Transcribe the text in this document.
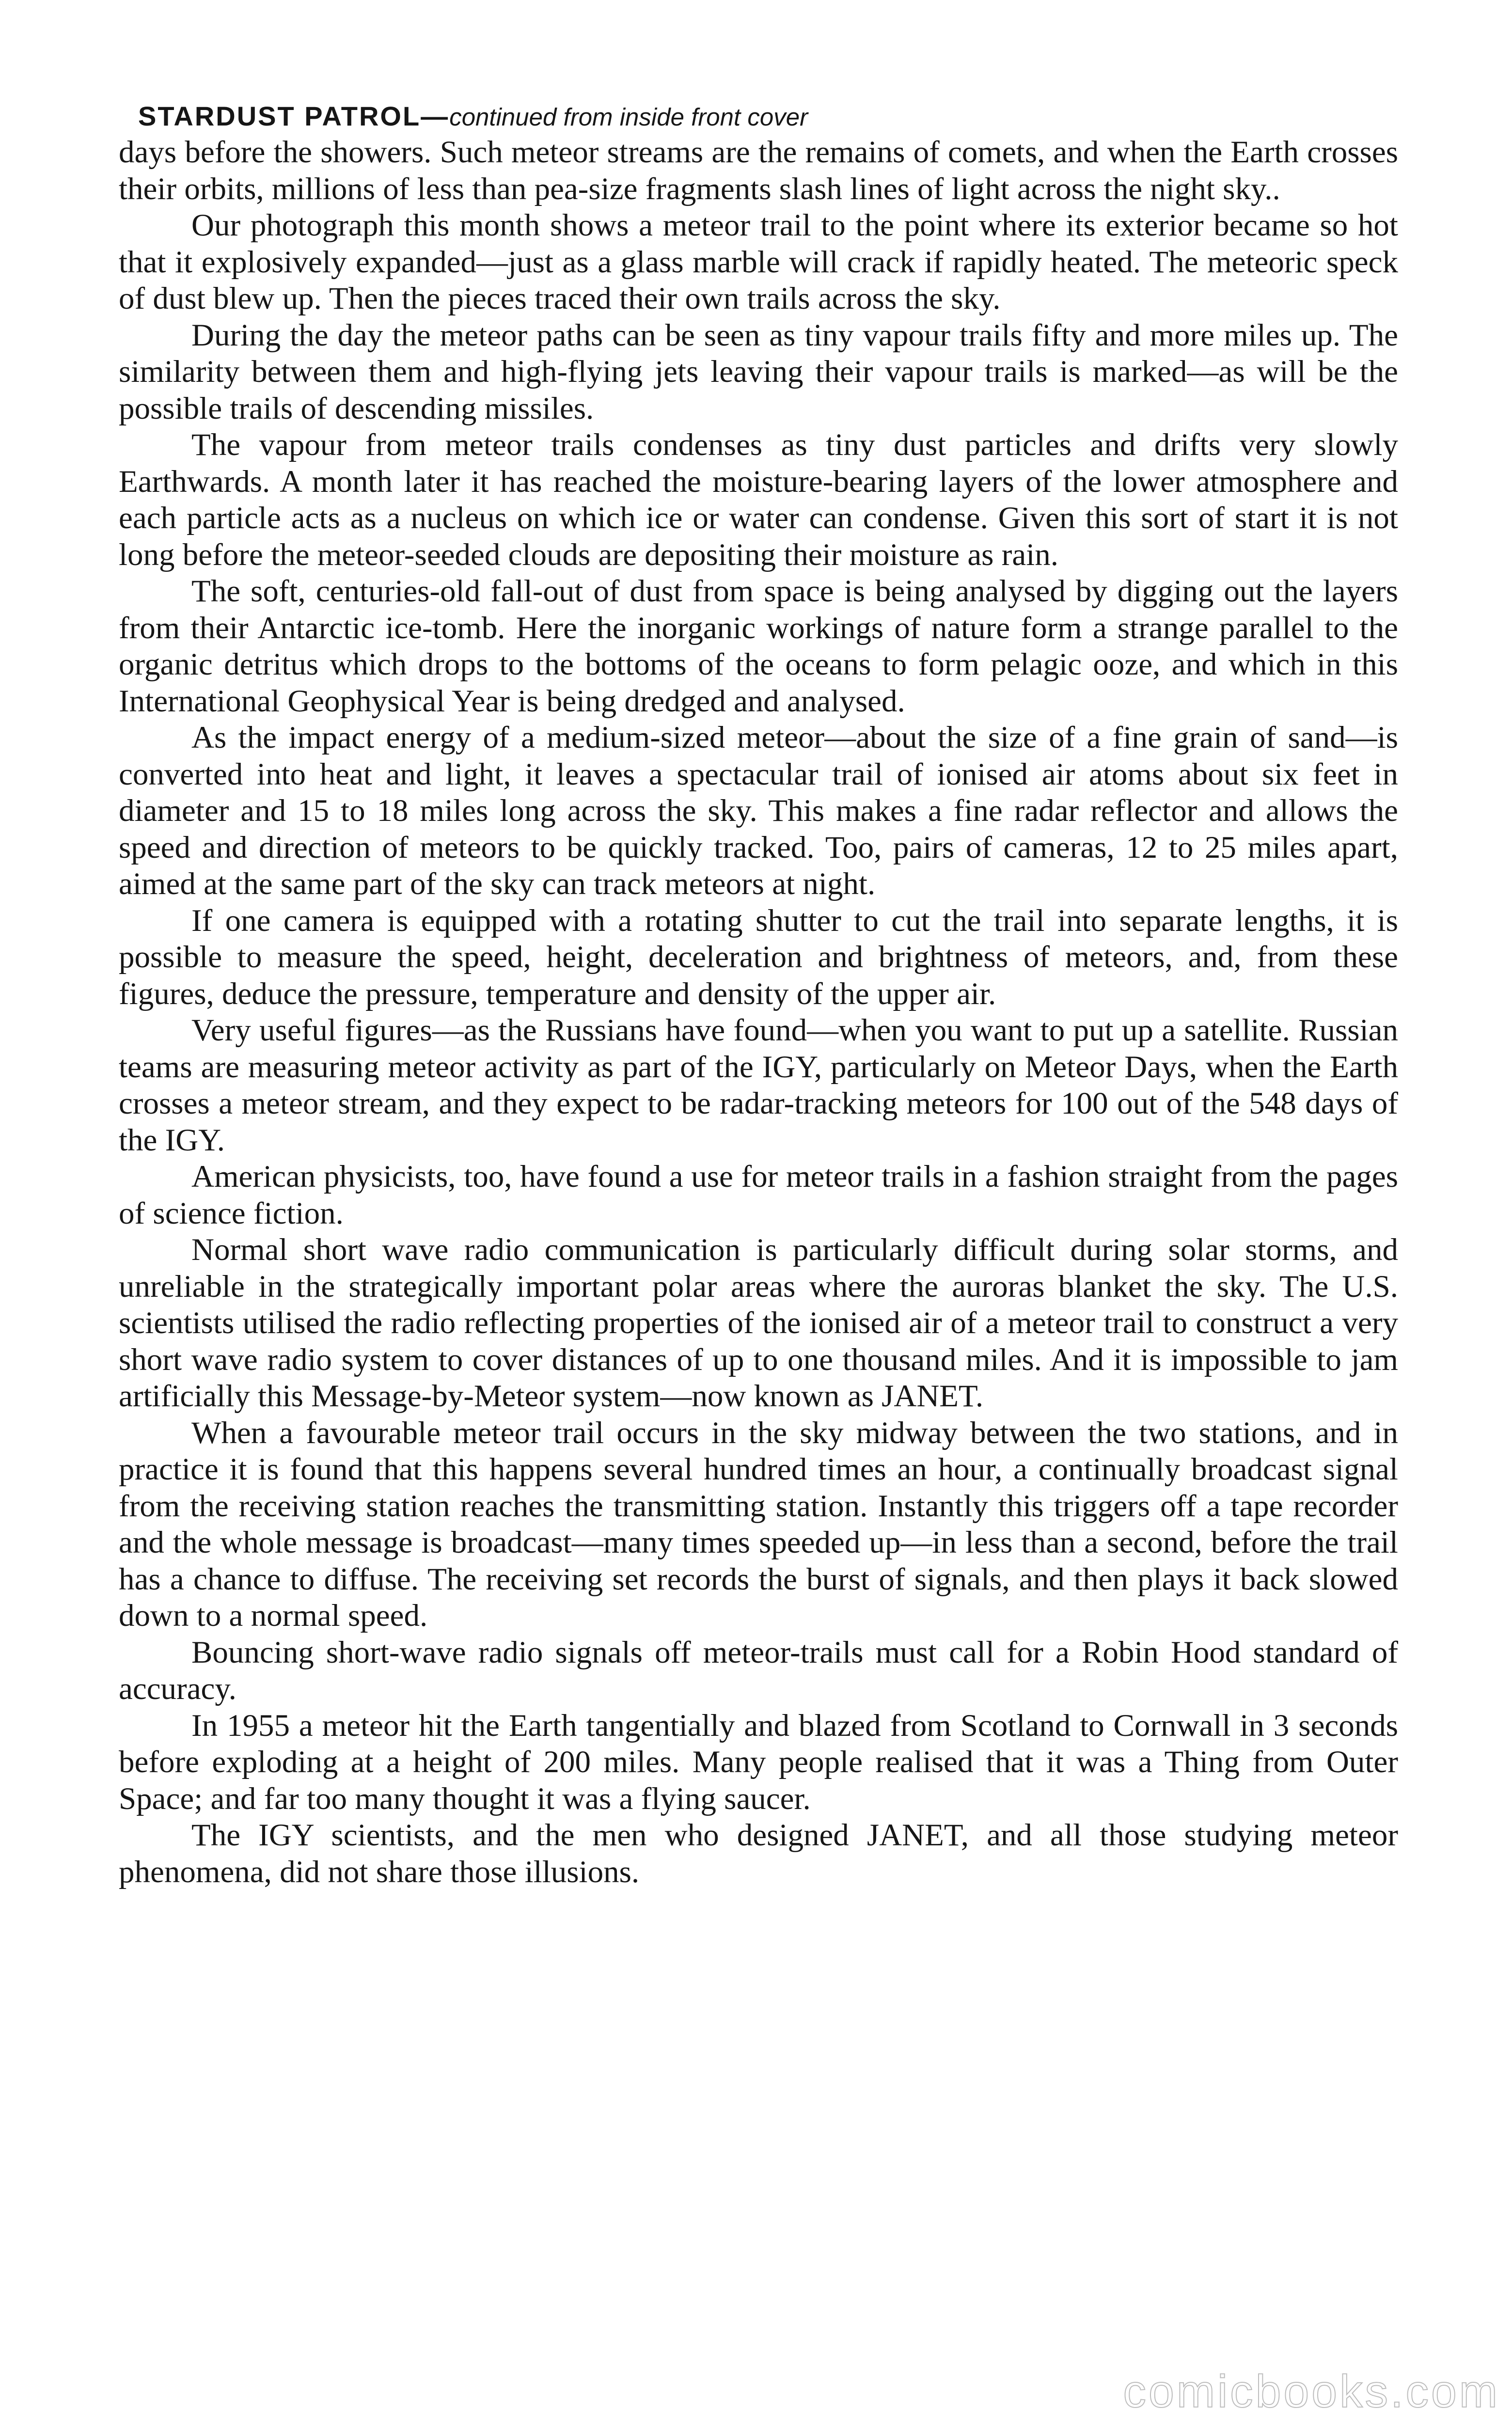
STARDUST PATROL—continued from inside front cover

days before the showers. Such meteor streams are the remains of comets, and when the Earth crosses their orbits, millions of less than pea-size fragments slash lines of light across the night sky..

Our photograph this month shows a meteor trail to the point where its exterior became so hot that it explosively expanded—just as a glass marble will crack if rapidly heated. The meteoric speck of dust blew up. Then the pieces traced their own trails across the sky.

During the day the meteor paths can be seen as tiny vapour trails fifty and more miles up. The similarity between them and high-flying jets leaving their vapour trails is marked—as will be the possible trails of descending missiles.

The vapour from meteor trails condenses as tiny dust particles and drifts very slowly Earthwards. A month later it has reached the moisture-bearing layers of the lower atmosphere and each particle acts as a nucleus on which ice or water can condense. Given this sort of start it is not long before the meteor-seeded clouds are depositing their moisture as rain.

The soft, centuries-old fall-out of dust from space is being analysed by digging out the layers from their Antarctic ice-tomb. Here the inorganic workings of nature form a strange parallel to the organic detritus which drops to the bottoms of the oceans to form pelagic ooze, and which in this International Geophysical Year is being dredged and analysed.

As the impact energy of a medium-sized meteor—about the size of a fine grain of sand—is converted into heat and light, it leaves a spectacular trail of ionised air atoms about six feet in diameter and 15 to 18 miles long across the sky. This makes a fine radar reflector and allows the speed and direction of meteors to be quickly tracked. Too, pairs of cameras, 12 to 25 miles apart, aimed at the same part of the sky can track meteors at night.

If one camera is equipped with a rotating shutter to cut the trail into separate lengths, it is possible to measure the speed, height, deceleration and brightness of meteors, and, from these figures, deduce the pressure, temperature and density of the upper air.

Very useful figures—as the Russians have found—when you want to put up a satellite. Russian teams are measuring meteor activity as part of the IGY, particularly on Meteor Days, when the Earth crosses a meteor stream, and they expect to be radar-tracking meteors for 100 out of the 548 days of the IGY.

American physicists, too, have found a use for meteor trails in a fashion straight from the pages of science fiction.

Normal short wave radio communication is particularly difficult during solar storms, and unreliable in the strategically important polar areas where the auroras blanket the sky. The U.S. scientists utilised the radio reflecting properties of the ionised air of a meteor trail to construct a very short wave radio system to cover distances of up to one thousand miles. And it is impossible to jam artificially this Message-by-Meteor system—now known as JANET.

When a favourable meteor trail occurs in the sky midway between the two stations, and in practice it is found that this happens several hundred times an hour, a continually broadcast signal from the receiving station reaches the transmitting station. Instantly this triggers off a tape recorder and the whole message is broadcast—many times speeded up—in less than a second, before the trail has a chance to diffuse. The receiving set records the burst of signals, and then plays it back slowed down to a normal speed.

Bouncing short-wave radio signals off meteor-trails must call for a Robin Hood standard of accuracy.

In 1955 a meteor hit the Earth tangentially and blazed from Scotland to Cornwall in 3 seconds before exploding at a height of 200 miles. Many people realised that it was a Thing from Outer Space; and far too many thought it was a flying saucer.

The IGY scientists, and the men who designed JANET, and all those studying meteor phenomena, did not share those illusions.

comicbooks.com
